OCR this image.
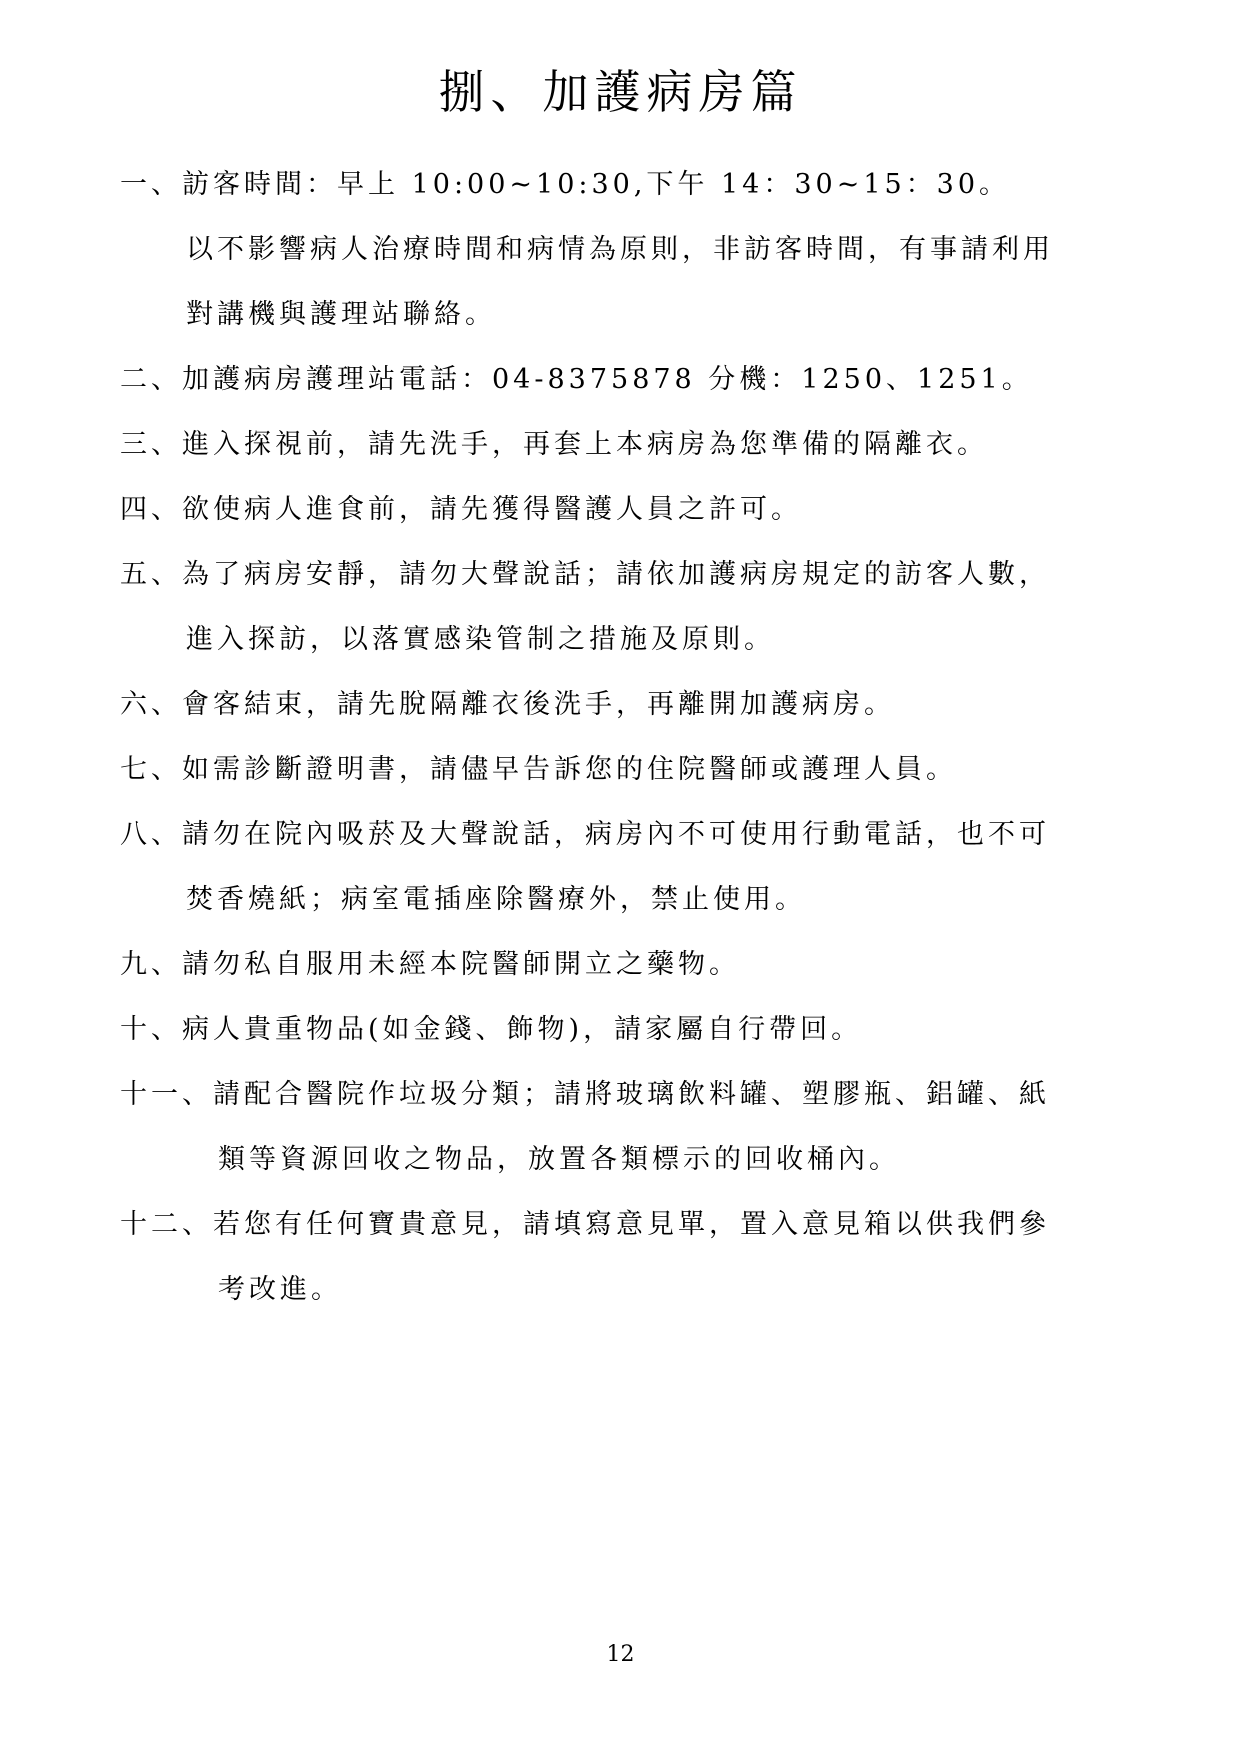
捌、加護病房篇
一、訪客時間：早上 10:00~10:30,下午 14：30~15：30。
以不影響病人治療時間和病情為原則，非訪客時間，有事請利用
對講機與護理站聯絡。
二、加護病房護理站電話：04-8375878 分機：1250、1251。
三、進入探視前，請先洗手，再套上本病房為您準備的隔離衣。
四、欲使病人進食前，請先獲得醫護人員之許可。
五、為了病房安靜，請勿大聲說話；請依加護病房規定的訪客人數，
進入探訪，以落實感染管制之措施及原則。
六、會客結束，請先脫隔離衣後洗手，再離開加護病房。
七、如需診斷證明書，請儘早告訴您的住院醫師或護理人員。
八、請勿在院內吸菸及大聲說話，病房內不可使用行動電話，也不可
焚香燒紙；病室電插座除醫療外，禁止使用。
九、請勿私自服用未經本院醫師開立之藥物。
十、病人貴重物品(如金錢、飾物)，請家屬自行帶回。
十一、請配合醫院作垃圾分類；請將玻璃飲料罐、塑膠瓶、鋁罐、紙
類等資源回收之物品，放置各類標示的回收桶內。
十二、若您有任何寶貴意見，請填寫意見單，置入意見箱以供我們參
考改進。
12
